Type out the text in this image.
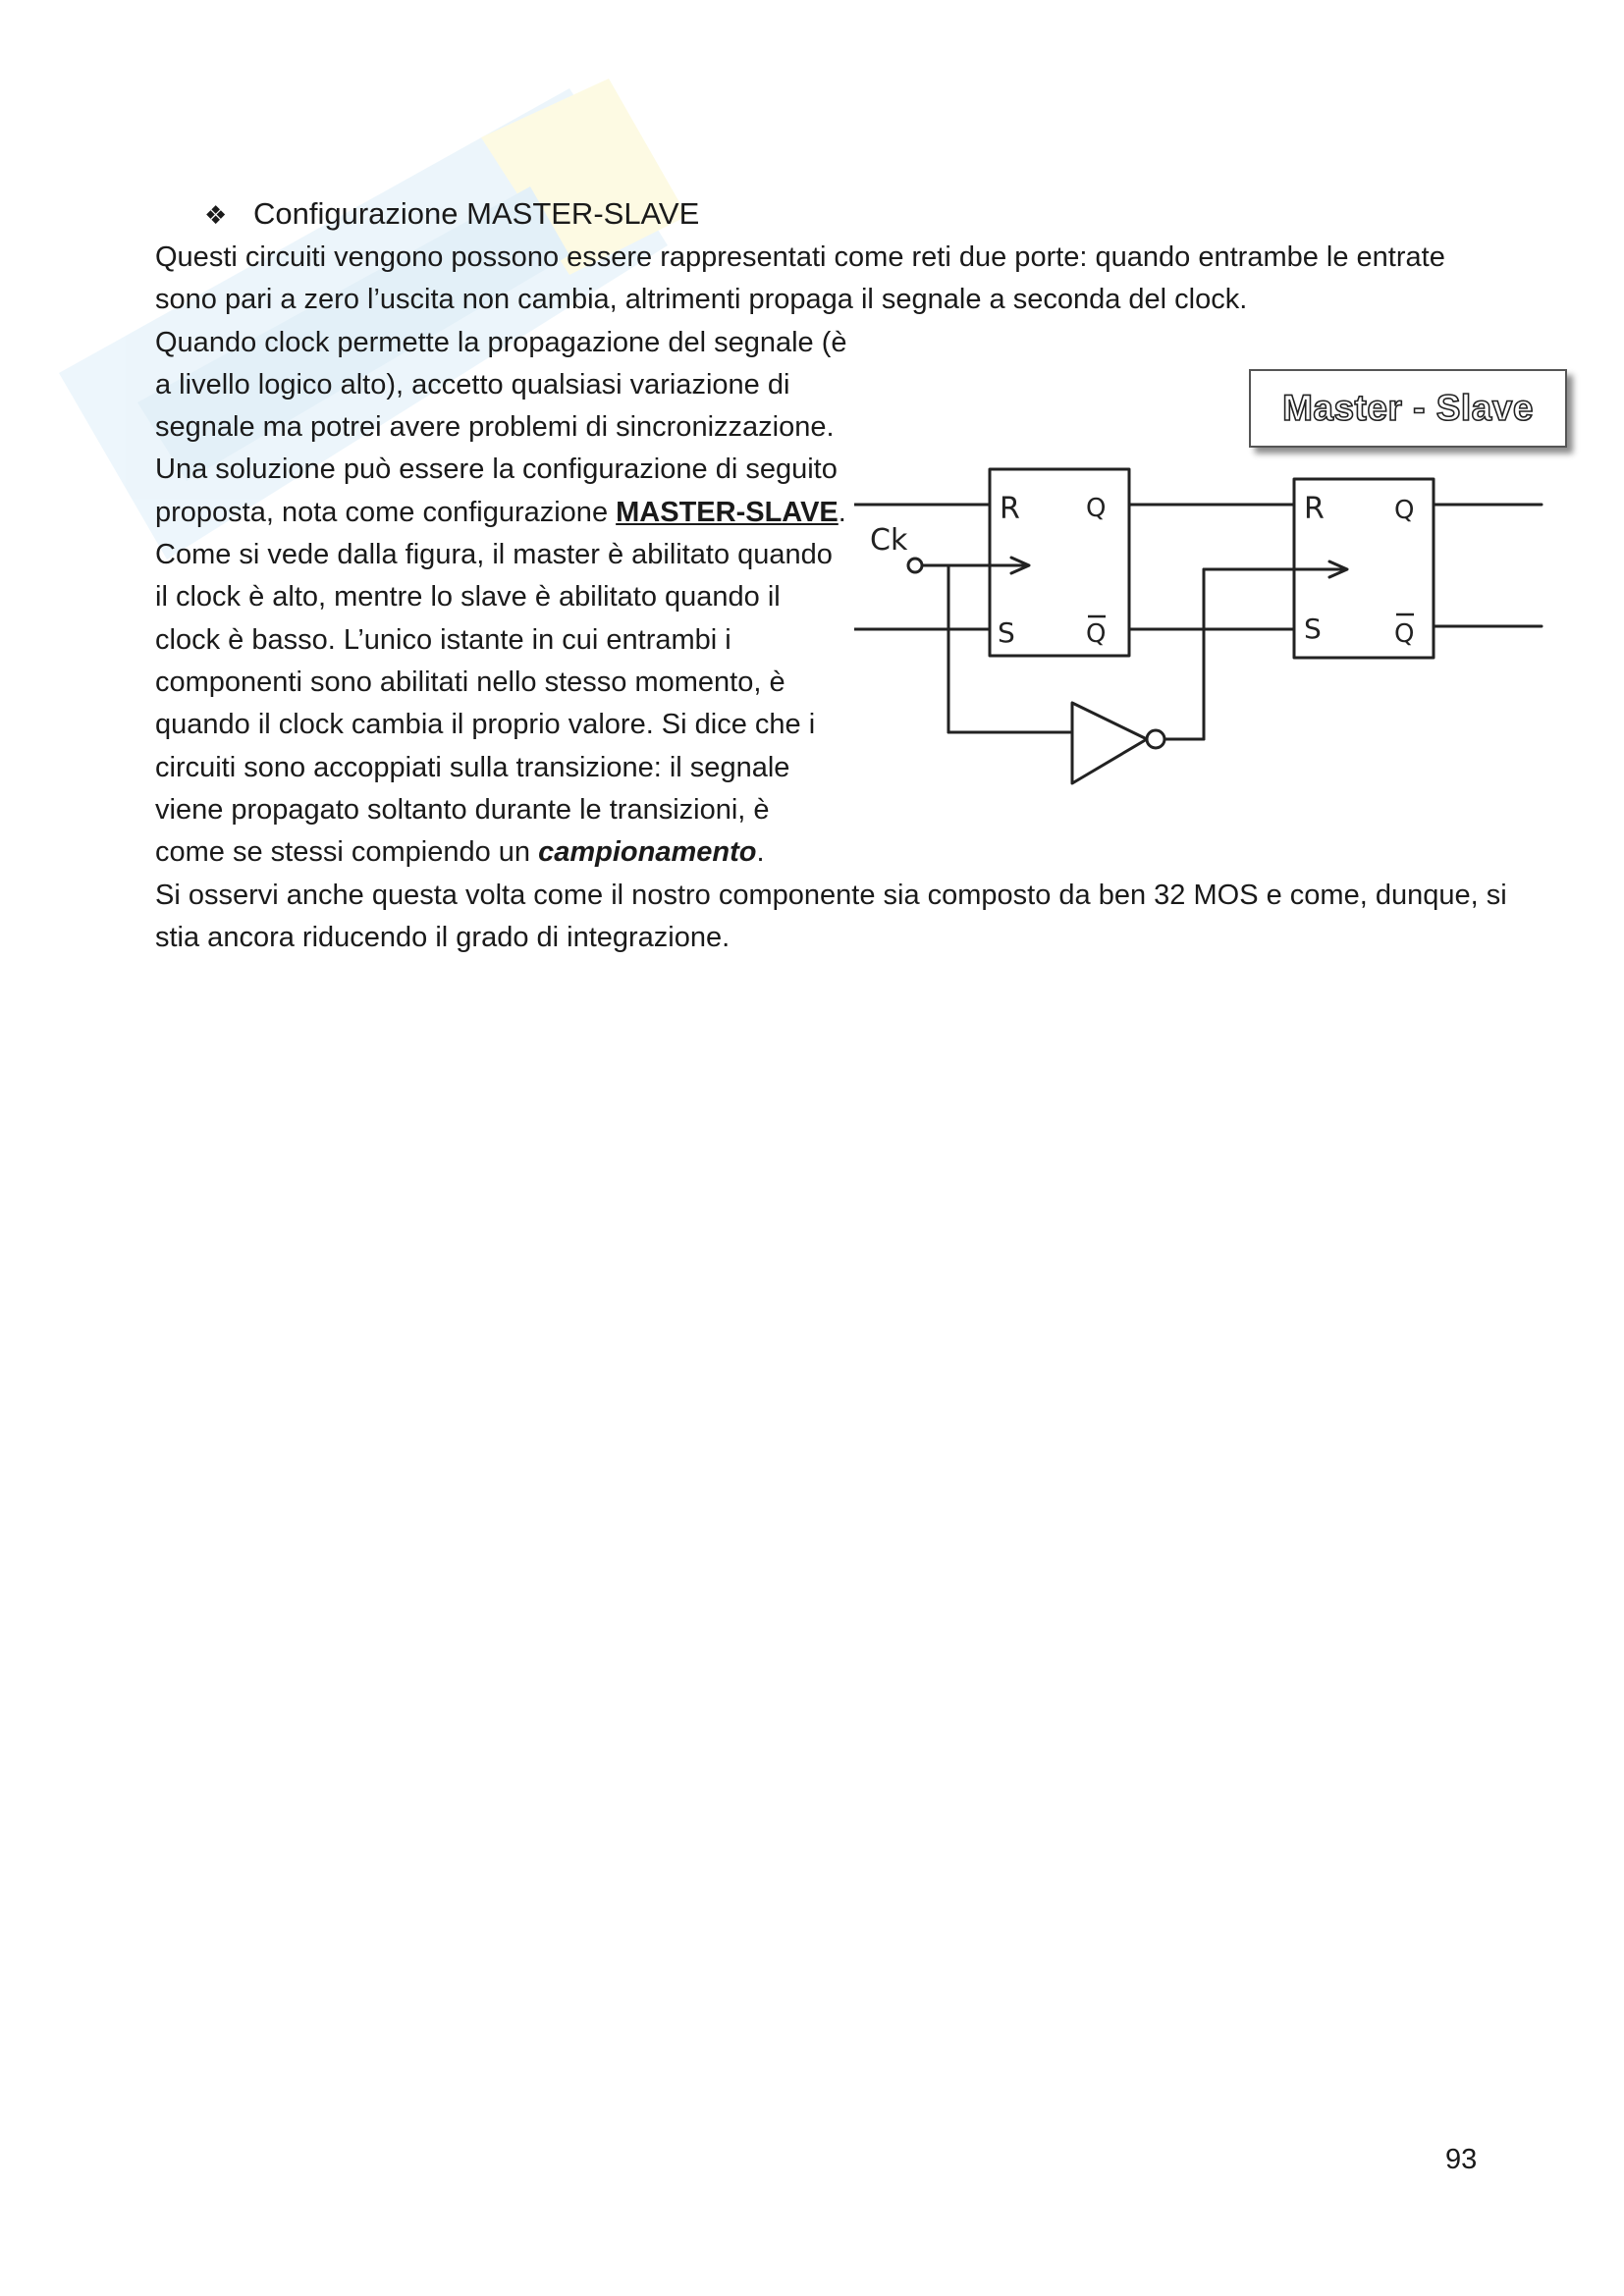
❖ Configurazione MASTER-SLAVE
Questi circuiti vengono possono essere rappresentati come reti due porte: quando entrambe le entrate
sono pari a zero l’uscita non cambia, altrimenti propaga il segnale a seconda del clock.
Quando clock permette la propagazione del segnale (è
a livello logico alto), accetto qualsiasi variazione di
segnale ma potrei avere problemi di sincronizzazione.
Una soluzione può essere la configurazione di seguito
proposta, nota come configurazione MASTER-SLAVE.
Come si vede dalla figura, il master è abilitato quando
il clock è alto, mentre lo slave è abilitato quando il
clock è basso. L’unico istante in cui entrambi i
componenti sono abilitati nello stesso momento, è
quando il clock cambia il proprio valore. Si dice che i
circuiti sono accoppiati sulla transizione: il segnale
viene propagato soltanto durante le transizioni, è
come se stessi compiendo un campionamento.
Si osservi anche questa volta come il nostro componente sia composto da ben 32 MOS e come, dunque, si
stia ancora riducendo il grado di integrazione.
Ck
R	Q
S	Q
R	Q
S	Q
Master - Slave
93
